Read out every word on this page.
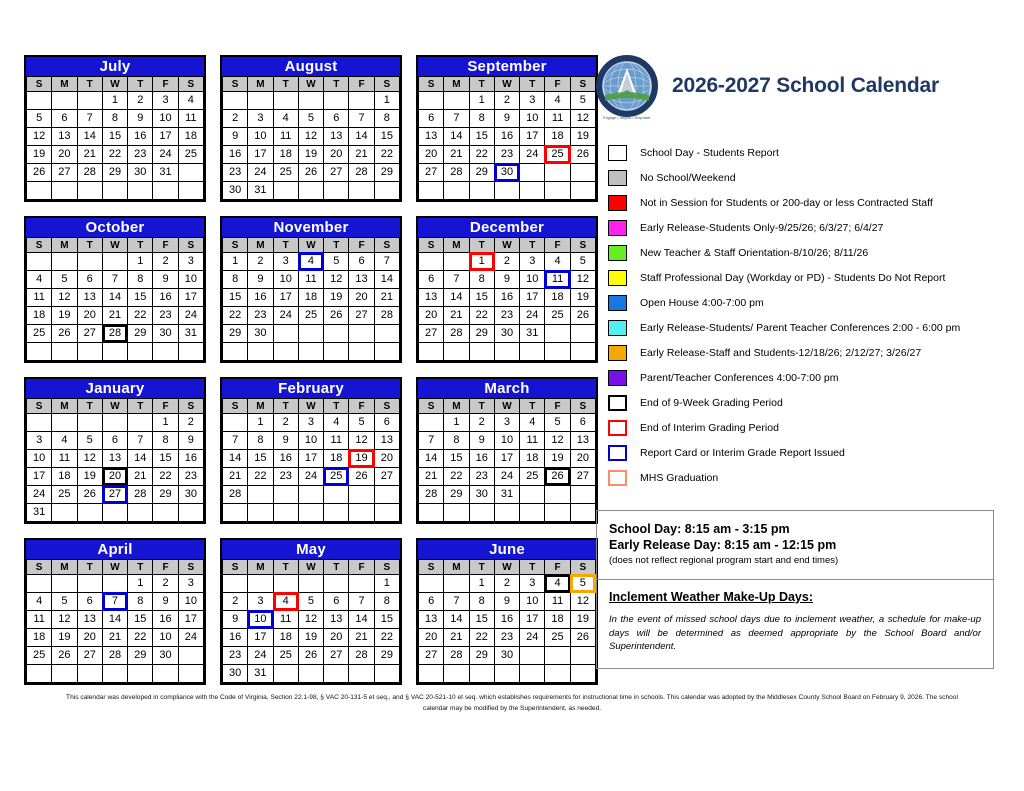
July
S	M	T	W	T	F	S
			1	2	3	4
5	6	7	8	9	10	11
12	13	14	15	16	17	18
19	20	21	22	23	24	25
26	27	28	29	30	31	

August
S	M	T	W	T	F	S
						1
2	3	4	5	6	7	8
9	10	11	12	13	14	15
16	17	18	19	20	21	22
23	24	25	26	27	28	29
30	31					
September
S	M	T	W	T	F	S
		1	2	3	4	5
6	7	8	9	10	11	12
13	14	15	16	17	18	19
20	21	22	23	24	25	26
27	28	29	30			

October
S	M	T	W	T	F	S
				1	2	3
4	5	6	7	8	9	10
11	12	13	14	15	16	17
18	19	20	21	22	23	24
25	26	27	28	29	30	31

November
S	M	T	W	T	F	S
1	2	3	4	5	6	7
8	9	10	11	12	13	14
15	16	17	18	19	20	21
22	23	24	25	26	27	28
29	30					

December
S	M	T	W	T	F	S
		1	2	3	4	5
6	7	8	9	10	11	12
13	14	15	16	17	18	19
20	21	22	23	24	25	26
27	28	29	30	31		

January
S	M	T	W	T	F	S
					1	2
3	4	5	6	7	8	9
10	11	12	13	14	15	16
17	18	19	20	21	22	23
24	25	26	27	28	29	30
31						
February
S	M	T	W	T	F	S
	1	2	3	4	5	6
7	8	9	10	11	12	13
14	15	16	17	18	19	20
21	22	23	24	25	26	27
28						

March
S	M	T	W	T	F	S
	1	2	3	4	5	6
7	8	9	10	11	12	13
14	15	16	17	18	19	20
21	22	23	24	25	26	27
28	29	30	31			

April
S	M	T	W	T	F	S
				1	2	3
4	5	6	7	8	9	10
11	12	13	14	15	16	17
18	19	20	21	22	10	24
25	26	27	28	29	30	

May
S	M	T	W	T	F	S
						1
2	3	4	5	6	7	8
9	10	11	12	13	14	15
16	17	18	19	20	21	22
23	24	25	26	27	28	29
30	31					
June
S	M	T	W	T	F	S
		1	2	3	4	5
6	7	8	9	10	11	12
13	14	15	16	17	18	19
20	21	22	23	24	25	26
27	28	29	30			

Engage • Inspire • Empower
2026-2027 School Calendar
School Day - Students Report
No School/Weekend
Not in Session for Students or 200-day or less Contracted Staff
Early Release-Students Only-9/25/26; 6/3/27; 6/4/27
New Teacher & Staff Orientation-8/10/26; 8/11/26
Staff Professional Day (Workday or PD) - Students Do Not Report
Open House 4:00-7:00 pm
Early Release-Students/ Parent Teacher Conferences 2:00 - 6:00 pm
Early Release-Staff and Students-12/18/26; 2/12/27; 3/26/27
Parent/Teacher Conferences 4:00-7:00 pm
End of 9-Week Grading Period
End of Interim Grading Period
Report Card or Interim Grade Report Issued
MHS Graduation
School Day: 8:15 am - 3:15 pm
Early Release Day: 8:15 am - 12:15 pm
(does not reflect regional program start and end times)
Inclement Weather Make-Up Days:
In the event of missed school days due to inclement weather, a schedule for make-up days will be determined as deemed appropriate by the School Board and/or Superintendent.
This calendar was developed in compliance with the Code of Virginia, Section 22.1-98, § VAC 20-131-5 et seq., and § VAC 20-521-10 et seq. which establishes requirements for instructional time in schools. This calendar was adopted by the Middlesex County School Board on February 9, 2026. The school calendar may be modified by the Superintendent, as needed.
